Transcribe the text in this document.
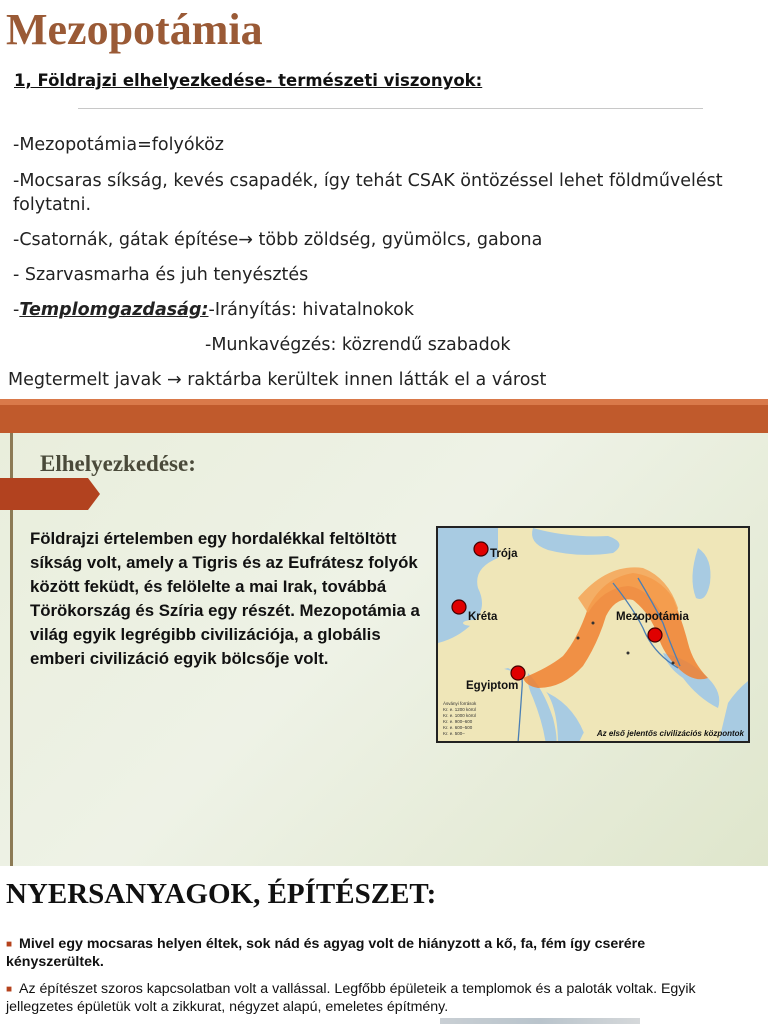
Mezopotámia
1, Földrajzi elhelyezkedése- természeti viszonyok:
-Mezopotámia=folyóköz
-Mocsaras síkság, kevés csapadék, így tehát CSAK öntözéssel lehet földművelést
folytatni.
-Csatornák, gátak építése→ több zöldség, gyümölcs, gabona
- Szarvasmarha és juh tenyésztés
-Templomgazdaság:-Irányítás: hivatalnokok
-Munkavégzés: közrendű szabadok
Megtermelt javak → raktárba kerültek innen látták el a várost
Elhelyezkedése:

Földrajzi értelemben egy hordalékkal feltöltött síkság volt, amely a Tigris és az Eufrátesz folyók között feküdt, és felölelte a mai Irak, továbbá Törökország és Szíria egy részét. Mezopotámia a világ egyik legrégibb civilizációja, a globális emberi civilizáció egyik bölcsője volt.

Trója
Kréta	Mezopotámia
Egyiptom
Ásványi források
Kr. e. 1200 körül
Kr. e. 1000 körül
Kr. e. 900–600
Kr. e. 600–500
Kr. e. 500–	Az első jelentős civilizációs központok
NYERSANYAGOK, ÉPÍTÉSZET:
■ Mivel egy mocsaras helyen éltek, sok nád és agyag volt de hiányzott a kő, fa, fém így cserére kényszerültek.
■ Az építészet szoros kapcsolatban volt a vallással. Legfőbb épületeik a templomok és a paloták voltak. Egyik jellegzetes épületük volt a zikkurat, négyzet alapú, emeletes építmény.
